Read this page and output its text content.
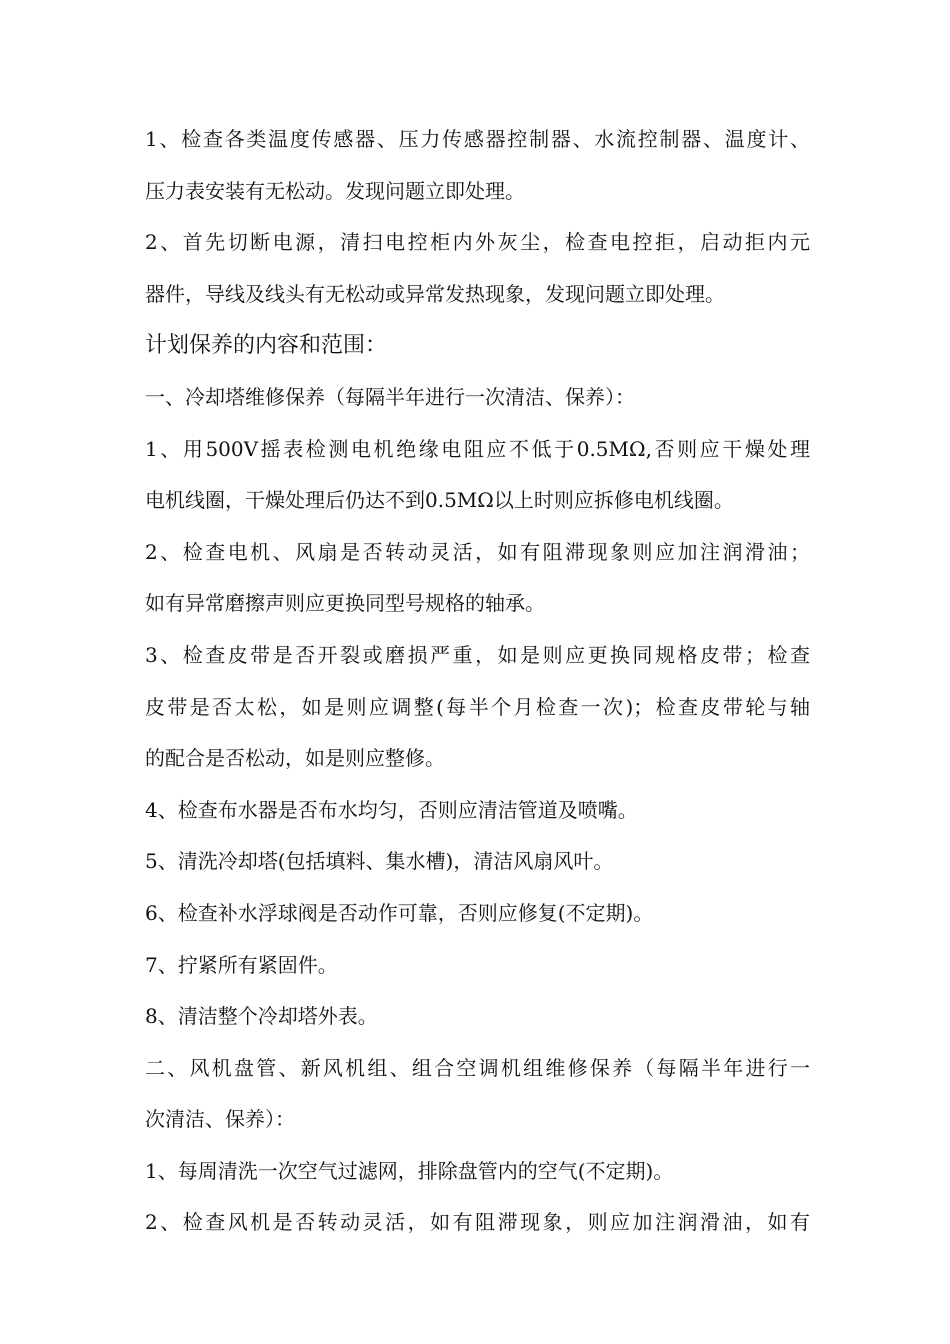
1、检查各类温度传感器、压力传感器控制器、水流控制器、温度计、
压力表安装有无松动。发现问题立即处理。
2、首先切断电源，清扫电控柜内外灰尘，检查电控拒，启动拒内元
器件，导线及线头有无松动或异常发热现象，发现问题立即处理。
计划保养的内容和范围：
一、冷却塔维修保养（每隔半年进行一次清洁、保养）：
1、用500V摇表检测电机绝缘电阻应不低于0.5MΩ,否则应干燥处理
电机线圈，干燥处理后仍达不到0.5MΩ以上时则应拆修电机线圈。
2、检查电机、风扇是否转动灵活，如有阻滞现象则应加注润滑油；
如有异常磨擦声则应更换同型号规格的轴承。
3、检查皮带是否开裂或磨损严重，如是则应更换同规格皮带；检查
皮带是否太松，如是则应调整(每半个月检查一次)；检查皮带轮与轴
的配合是否松动，如是则应整修。
4、检查布水器是否布水均匀，否则应清洁管道及喷嘴。
5、清洗冷却塔(包括填料、集水槽)，清洁风扇风叶。
6、检查补水浮球阀是否动作可靠，否则应修复(不定期)。
7、拧紧所有紧固件。
8、清洁整个冷却塔外表。
二、风机盘管、新风机组、组合空调机组维修保养（每隔半年进行一
次清洁、保养）：
1、每周清洗一次空气过滤网，排除盘管内的空气(不定期)。
2、检查风机是否转动灵活，如有阻滞现象，则应加注润滑油，如有
